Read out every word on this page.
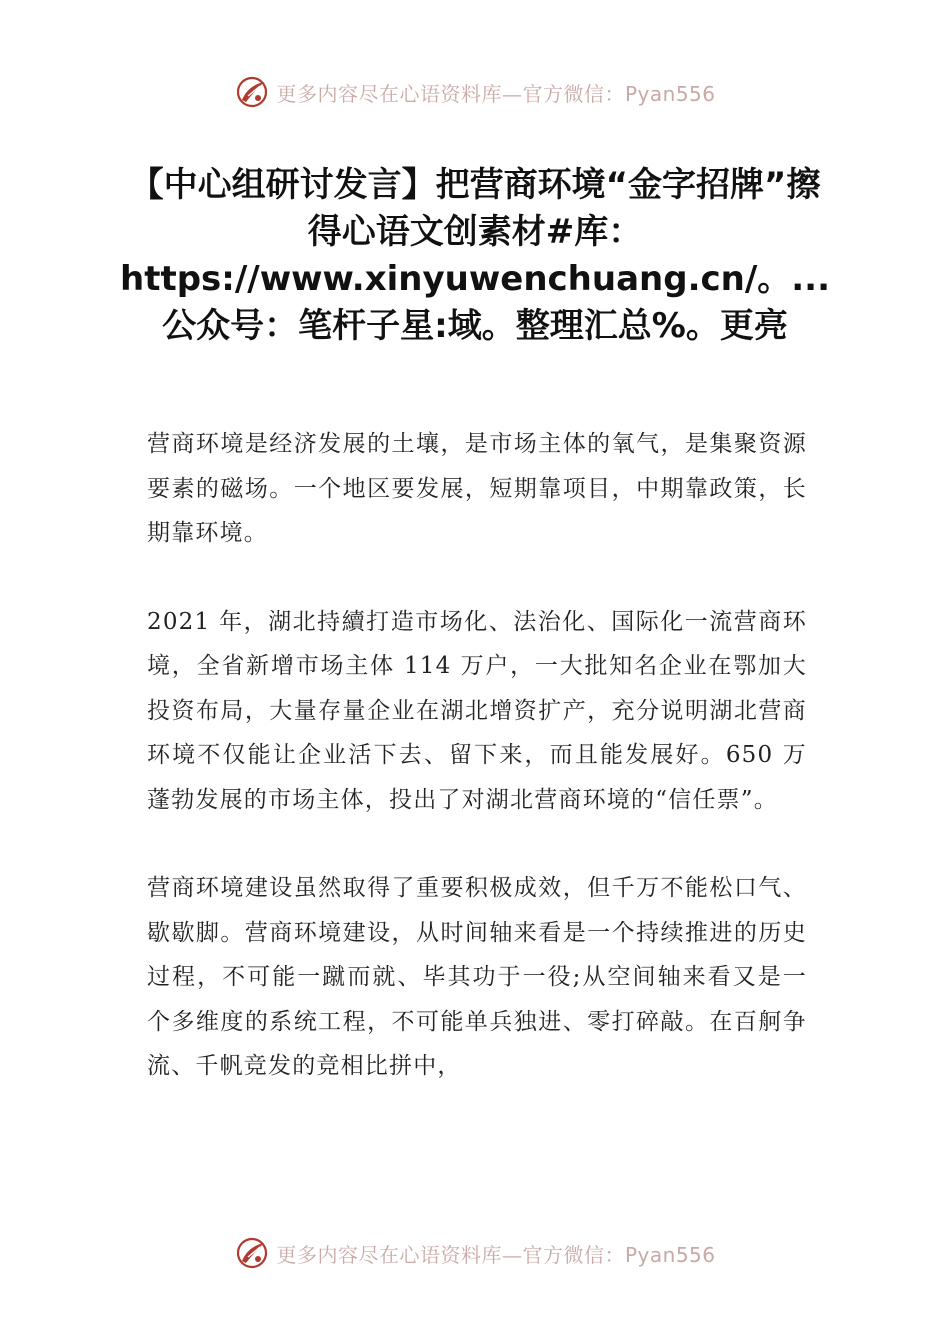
更多内容尽在心语资料库—官方微信：Pyan556
【中心组研讨发言】把营商环境“金字招牌”擦得心语文创素材#库：https://www.xinyuwenchuang.cn/。...公众号：笔杆子星:域。整理汇总%。更亮

营商环境是经济发展的土壤，是市场主体的氧气，是集聚资源要素的磁场。一个地区要发展，短期靠项目，中期靠政策，长期靠环境。

2021 年，湖北持續打造市场化、法治化、国际化一流营商环境，全省新增市场主体 114 万户，一大批知名企业在鄂加大投资布局，大量存量企业在湖北增资扩产，充分说明湖北营商环境不仅能让企业活下去、留下来，而且能发展好。650 万蓬勃发展的市场主体，投出了对湖北营商环境的“信任票”。

营商环境建设虽然取得了重要积极成效，但千万不能松口气、歇歇脚。营商环境建设，从时间轴来看是一个持续推进的历史过程，不可能一蹴而就、毕其功于一役;从空间轴来看又是一个多维度的系统工程，不可能单兵独进、零打碎敲。在百舸争流、千帆竞发的竞相比拼中，

更多内容尽在心语资料库—官方微信：Pyan556
